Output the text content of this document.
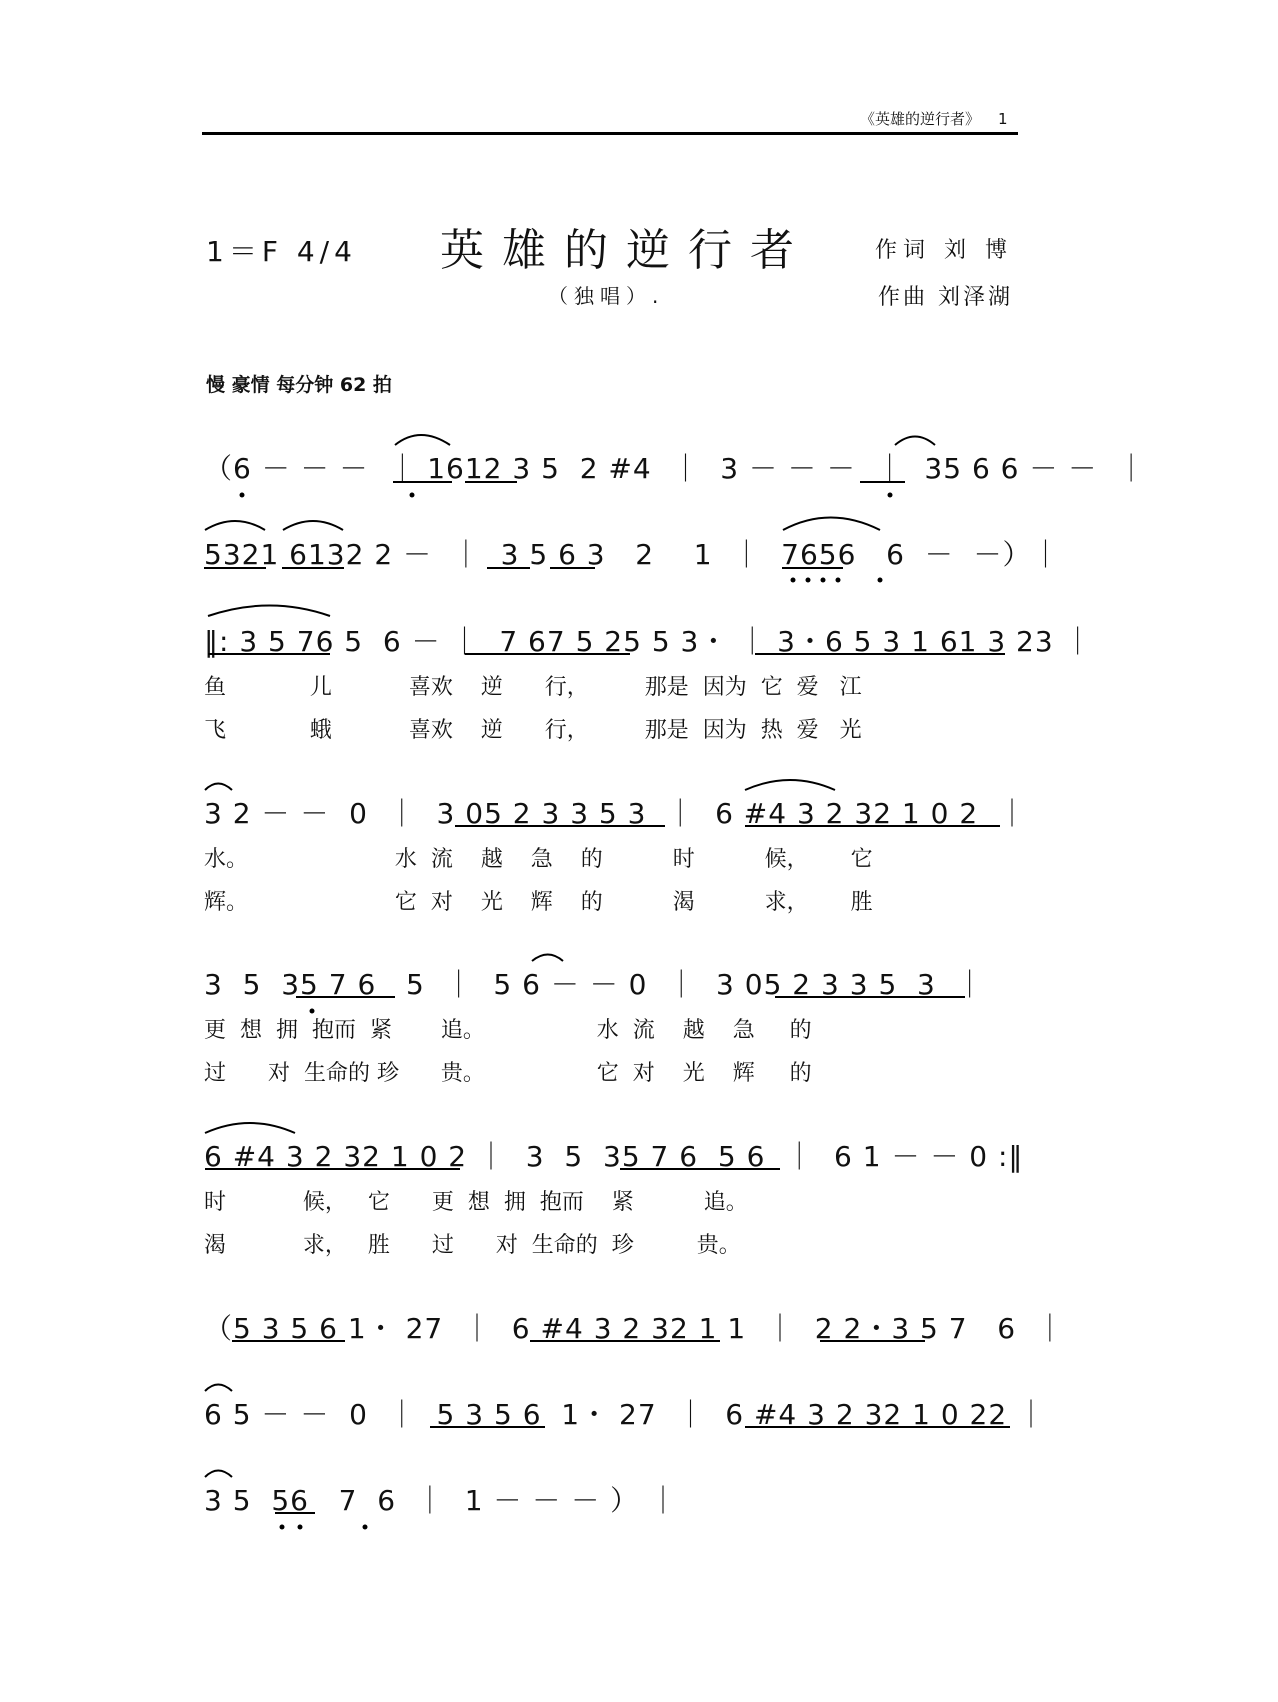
《英雄的逆行者》 1
1＝F 4/4 英雄的逆行者
（独唱）.
作词 刘 博
作曲 刘泽湖
慢 豪情 每分钟 62 拍
（6 － － －  ｜ 1612 3 5  2 #4  ｜  3 － － －  ｜  35 6 6 － －  ｜
5321 6132 2 －  ｜  3 5 6 3   2    1  ｜  7656   6  －  －）｜
‖: 3 5 76 5  6 － ｜  7 67 5 25 5 3・ ｜ 3・6 5 3 1 61 3 23 ｜
鱼            儿           喜欢    逆      行，        那是  因为  它  爱   江
飞            蛾           喜欢    逆      行，        那是  因为  热  爱   光
3 2 － －  0  ｜  3 05 2 3 3 5 3  ｜  6 #4 3 2 32 1 0 2  ｜
水。                     水  流    越    急    的          时          候，      它
辉。                     它  对    光    辉    的          渴          求，      胜
3  5  35 7 6   5  ｜  5 6 － － 0  ｜  3 05 2 3 3 5  3  ｜
更  想  拥  抱而  紧       追。                水  流    越    急     的
过      对  生命的 珍      贵。                它  对    光    辉     的
6 #4 3 2 32 1 0 2 ｜  3  5  35 7 6  5 6  ｜  6 1 － － 0 :‖
时           候，   它      更  想  拥  抱而    紧          追。
渴           求，   胜      过      对  生命的  珍         贵。
（5 3 5 6 1・ 27  ｜  6 #4 3 2 32 1 1  ｜  2 2・3 5 7   6  ｜
6 5 － －  0  ｜  5 3 5 6  1・ 27  ｜  6 #4 3 2 32 1 0 22 ｜
3 5  56   7  6  ｜  1 － － － ） ｜
